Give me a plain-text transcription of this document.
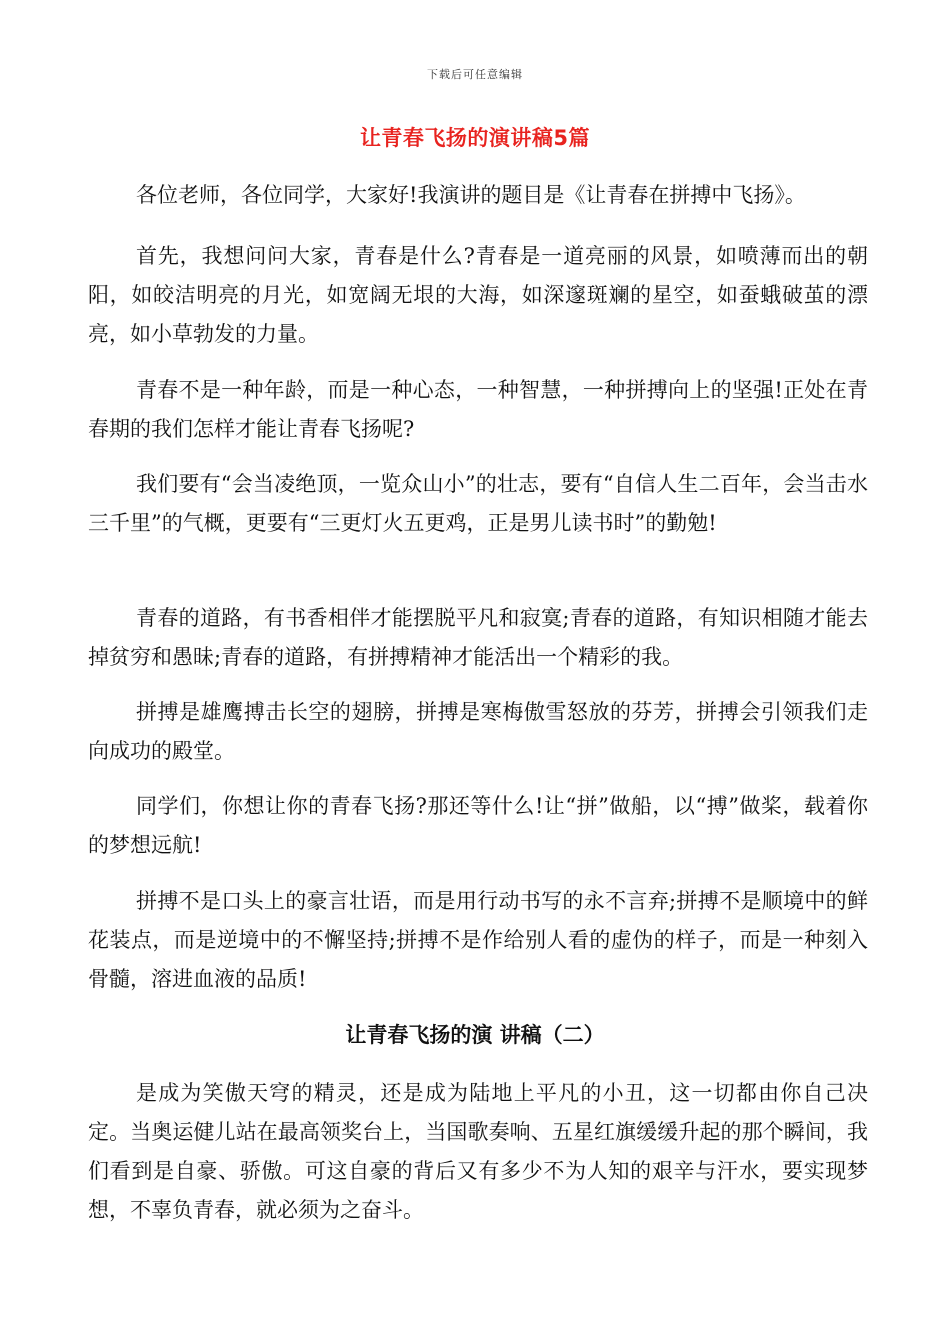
下载后可任意编辑
让青春飞扬的演讲稿5篇

各位老师，各位同学，大家好!我演讲的题目是《让青春在拼搏中飞扬》。

首先，我想问问大家，青春是什么?青春是一道亮丽的风景，如喷薄而出的朝阳，如皎洁明亮的月光，如宽阔无垠的大海，如深邃斑斓的星空，如蚕蛾破茧的漂亮，如小草勃发的力量。

青春不是一种年龄，而是一种心态，一种智慧，一种拼搏向上的坚强!正处在青春期的我们怎样才能让青春飞扬呢?

我们要有“会当凌绝顶，一览众山小”的壮志，要有“自信人生二百年，会当击水三千里”的气概，更要有“三更灯火五更鸡，正是男儿读书时”的勤勉!

青春的道路，有书香相伴才能摆脱平凡和寂寞;青春的道路，有知识相随才能去掉贫穷和愚昧;青春的道路，有拼搏精神才能活出一个精彩的我。

拼搏是雄鹰搏击长空的翅膀，拼搏是寒梅傲雪怒放的芬芳，拼搏会引领我们走向成功的殿堂。

同学们，你想让你的青春飞扬?那还等什么!让“拼”做船，以“搏”做桨，载着你的梦想远航!

拼搏不是口头上的豪言壮语，而是用行动书写的永不言弃;拼搏不是顺境中的鲜花装点，而是逆境中的不懈坚持;拼搏不是作给别人看的虚伪的样子，而是一种刻入骨髓，溶进血液的品质!

让青春飞扬的演 讲稿（二）

是成为笑傲天穹的精灵，还是成为陆地上平凡的小丑，这一切都由你自己决定。当奥运健儿站在最高领奖台上，当国歌奏响、五星红旗缓缓升起的那个瞬间，我们看到是自豪、骄傲。可这自豪的背后又有多少不为人知的艰辛与汗水，要实现梦想，不辜负青春，就必须为之奋斗。
